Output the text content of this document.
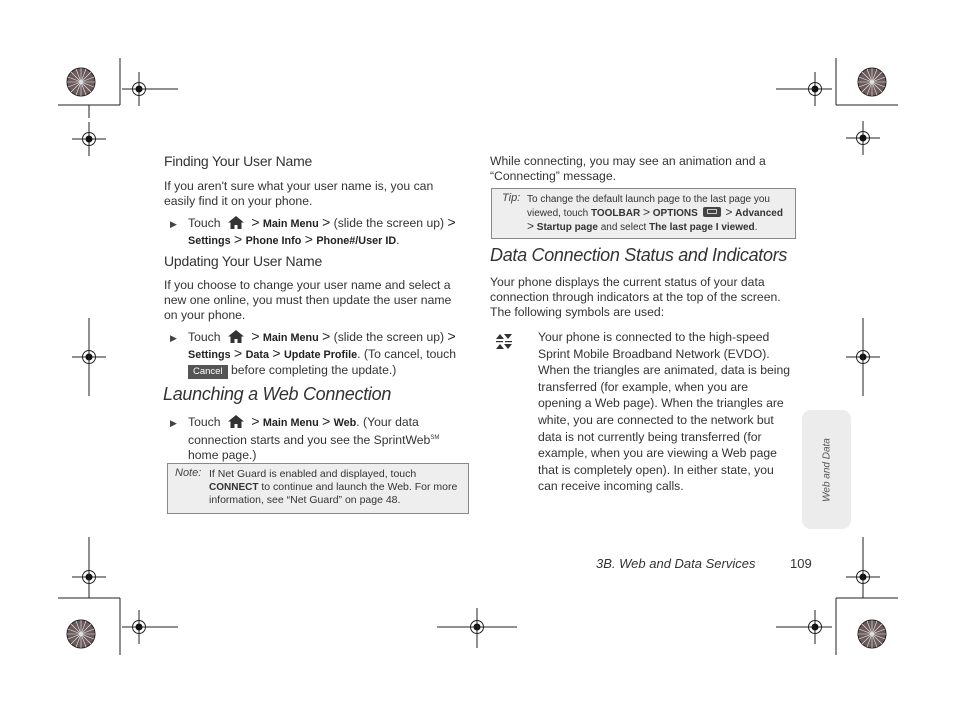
Finding Your User Name
If you aren't sure what your user name is, you can
easily find it on your phone.
▶ Touch > Main Menu > (slide the screen up) >
Settings > Phone Info > Phone#/User ID.
Updating Your User Name
If you choose to change your user name and select a
new one online, you must then update the user name
on your phone.
▶ Touch > Main Menu > (slide the screen up) >
Settings > Data > Update Profile. (To cancel, touch
Cancel before completing the update.)
Launching a Web Connection
▶ Touch > Main Menu > Web. (Your data
connection starts and you see the SprintWeb℠
home page.)
Note: If Net Guard is enabled and displayed, touch
CONNECT to continue and launch the Web. For more
information, see “Net Guard” on page 48.
While connecting, you may see an animation and a
“Connecting” message.
Tip: To change the default launch page to the last page you
viewed, touch TOOLBAR > OPTIONS > Advanced
> Startup page and select The last page I viewed.
Data Connection Status and Indicators
Your phone displays the current status of your data
connection through indicators at the top of the screen.
The following symbols are used:
Your phone is connected to the high-speed
Sprint Mobile Broadband Network (EVDO).
When the triangles are animated, data is being
transferred (for example, when you are
opening a Web page). When the triangles are
white, you are connected to the network but
data is not currently being transferred (for
example, when you are viewing a Web page
that is completely open). In either state, you
can receive incoming calls.	Web and Data
3B. Web and Data Services	109
